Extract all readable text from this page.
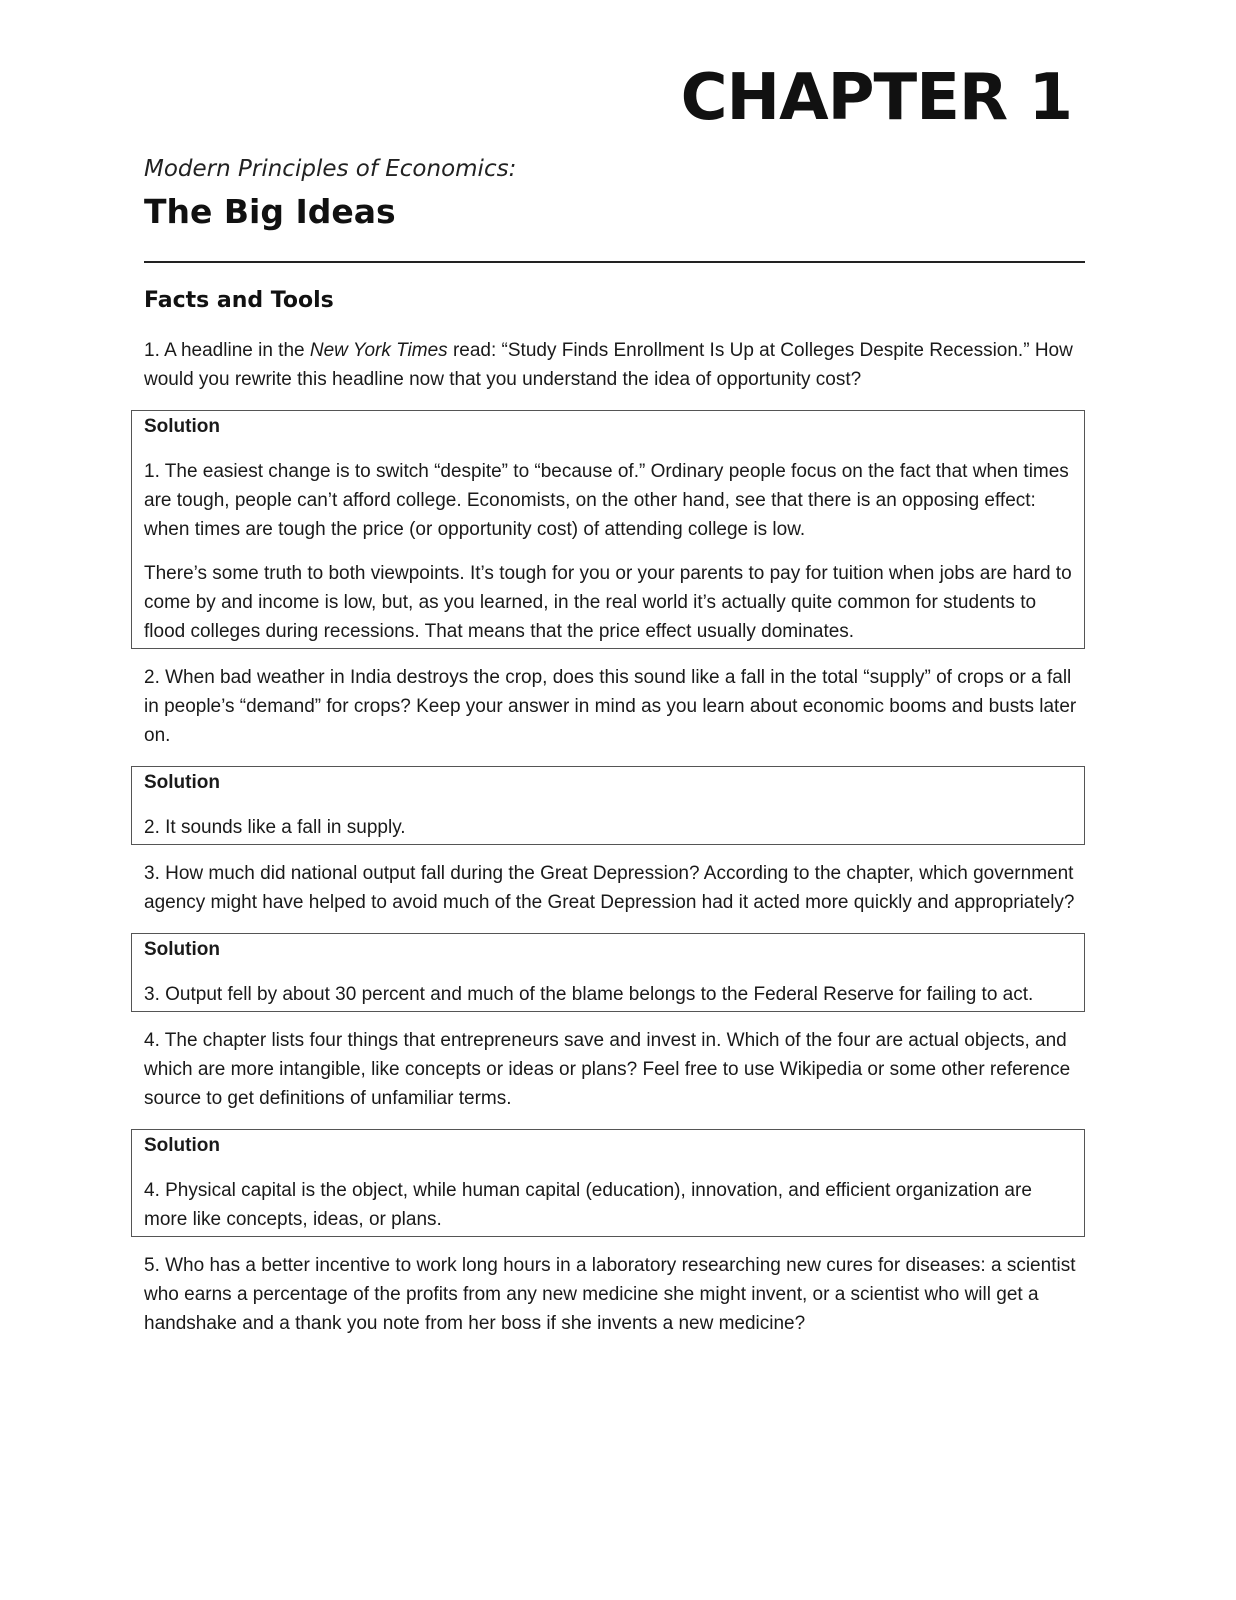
CHAPTER 1
Modern Principles of Economics:
The Big Ideas
Facts and Tools

1. A headline in the New York Times read: “Study Finds Enrollment Is Up at Colleges Despite Recession.” How would you rewrite this headline now that you understand the idea of opportunity cost?

Solution

1. The easiest change is to switch “despite” to “because of.” Ordinary people focus on the fact that when times are tough, people can’t afford college. Economists, on the other hand, see that there is an opposing effect: when times are tough the price (or opportunity cost) of attending college is low.

There’s some truth to both viewpoints. It’s tough for you or your parents to pay for tuition when jobs are hard to come by and income is low, but, as you learned, in the real world it’s actually quite common for students to flood colleges during recessions. That means that the price effect usually dominates.

2. When bad weather in India destroys the crop, does this sound like a fall in the total “supply” of crops or a fall in people’s “demand” for crops? Keep your answer in mind as you learn about economic booms and busts later on.

Solution

2. It sounds like a fall in supply.

3. How much did national output fall during the Great Depression? According to the chapter, which government agency might have helped to avoid much of the Great Depression had it acted more quickly and appropriately?

Solution

3. Output fell by about 30 percent and much of the blame belongs to the Federal Reserve for failing to act.

4. The chapter lists four things that entrepreneurs save and invest in. Which of the four are actual objects, and which are more intangible, like concepts or ideas or plans? Feel free to use Wikipedia or some other reference source to get definitions of unfamiliar terms.

Solution

4. Physical capital is the object, while human capital (education), innovation, and efficient organization are more like concepts, ideas, or plans.

5. Who has a better incentive to work long hours in a laboratory researching new cures for diseases: a scientist who earns a percentage of the profits from any new medicine she might invent, or a scientist who will get a handshake and a thank you note from her boss if she invents a new medicine?
